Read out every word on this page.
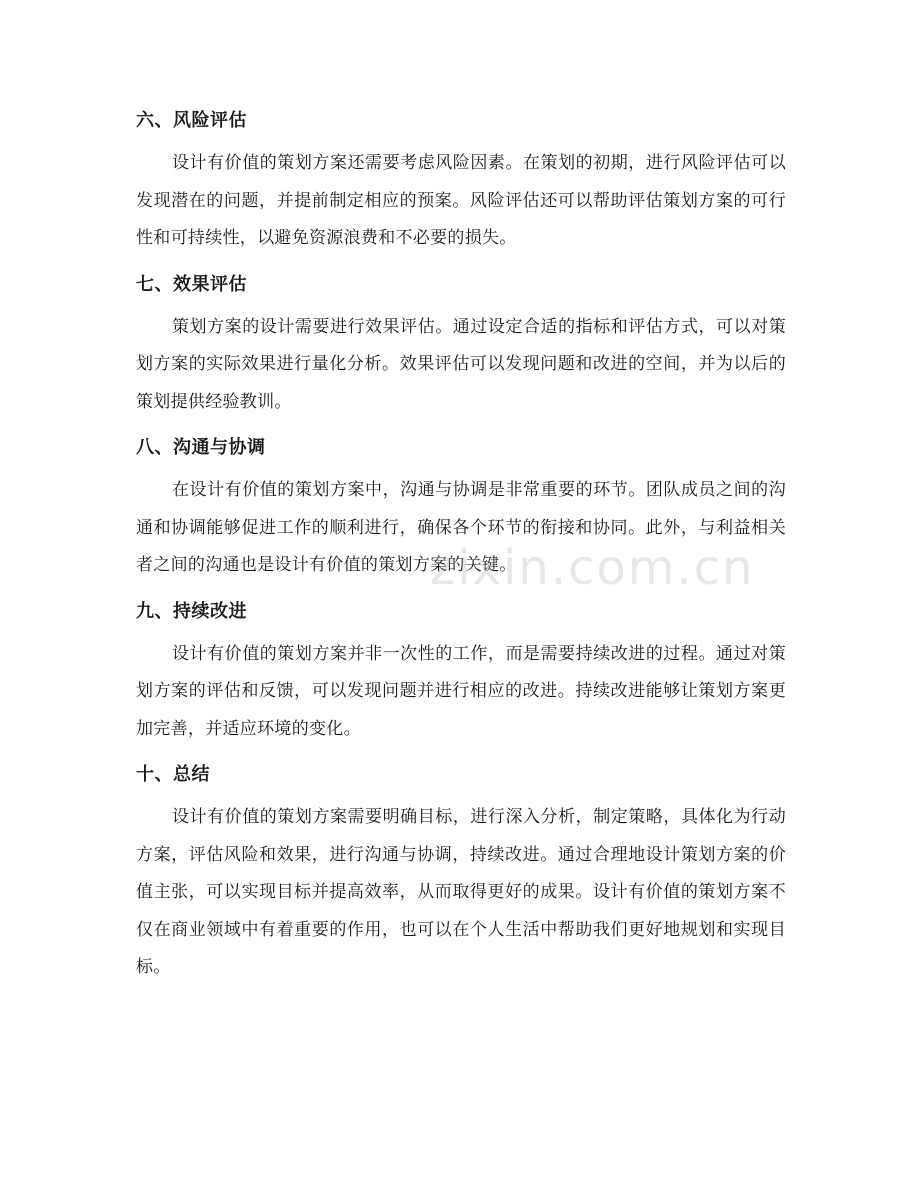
六、风险评估

设计有价值的策划方案还需要考虑风险因素。在策划的初期，进行风险评估可以发现潜在的问题，并提前制定相应的预案。风险评估还可以帮助评估策划方案的可行性和可持续性，以避免资源浪费和不必要的损失。

七、效果评估

策划方案的设计需要进行效果评估。通过设定合适的指标和评估方式，可以对策划方案的实际效果进行量化分析。效果评估可以发现问题和改进的空间，并为以后的策划提供经验教训。

八、沟通与协调

在设计有价值的策划方案中，沟通与协调是非常重要的环节。团队成员之间的沟通和协调能够促进工作的顺利进行，确保各个环节的衔接和协同。此外，与利益相关者之间的沟通也是设计有价值的策划方案的关键。

九、持续改进

设计有价值的策划方案并非一次性的工作，而是需要持续改进的过程。通过对策划方案的评估和反馈，可以发现问题并进行相应的改进。持续改进能够让策划方案更加完善，并适应环境的变化。

十、总结

设计有价值的策划方案需要明确目标，进行深入分析，制定策略，具体化为行动方案，评估风险和效果，进行沟通与协调，持续改进。通过合理地设计策划方案的价值主张，可以实现目标并提高效率，从而取得更好的成果。设计有价值的策划方案不仅在商业领域中有着重要的作用，也可以在个人生活中帮助我们更好地规划和实现目标。

zixin.com.cn
